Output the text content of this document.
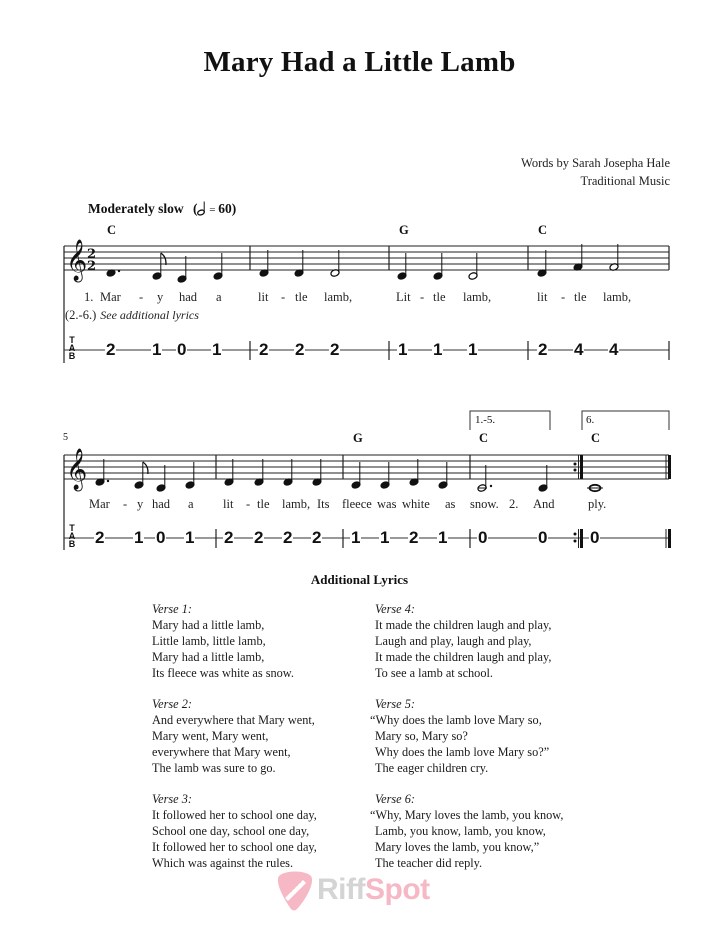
Mary Had a Little Lamb
Words by Sarah Josepha Hale
Traditional Music
Moderately slow (
= 60)
𝄞 2
2
C	G	C
1. Mar - y had a	lit - tle lamb,	Lit - tle lamb,	lit - tle lamb,
(2.-6.) See additional lyrics
T
A
B 2 1 0 1 2 2 2	1 1 1	2 4 4
𝄞
5
1.-5.	6.
G	C	C
Mar - y had a lit - tle lamb, Its fleece was white as snow. 2. And	ply.
T
A
B 2 1 0 1 2 2 2 2 1 1 2 1 0	0	0
Additional Lyrics
Verse 1:
Mary had a little lamb,
Little lamb, little lamb,
Mary had a little lamb,
Its fleece was white as snow.
Verse 2:
And everywhere that Mary went,
Mary went, Mary went,
everywhere that Mary went,
The lamb was sure to go.
Verse 3:
It followed her to school one day,
School one day, school one day,
It followed her to school one day,
Which was against the rules.
Verse 4:
It made the children laugh and play,
Laugh and play, laugh and play,
It made the children laugh and play,
To see a lamb at school.
Verse 5:
“Why does the lamb love Mary so,
Mary so, Mary so?
Why does the lamb love Mary so?”
The eager children cry.
Verse 6:
“Why, Mary loves the lamb, you know,
Lamb, you know, lamb, you know,
Mary loves the lamb, you know,”
The teacher did reply.
Riff Spot
